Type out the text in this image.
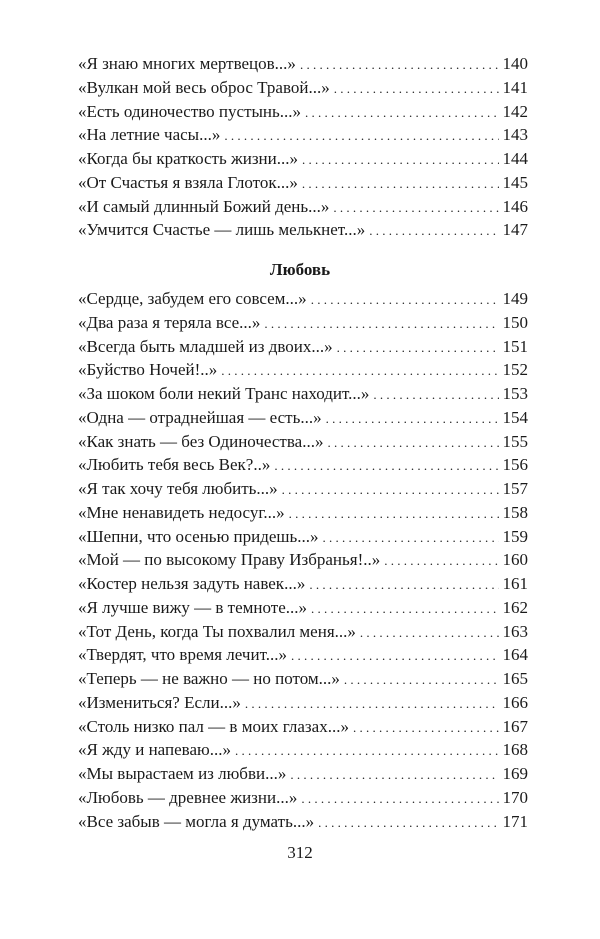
«Я знаю многих мертвецов...» . . .	140
«Вулкан мой весь оброс Травой...» . . .	141
«Есть одиночество пустынь...» . . .	142
«На летние часы...» . . .	143
«Когда бы краткость жизни...» . . .	144
«От Счастья я взяла Глоток...» . . .	145
«И самый длинный Божий день...» . . .	146
«Умчится Счастье — лишь мелькнет...» . . .	147
Любовь
«Сердце, забудем его совсем...» . . .	149
«Два раза я теряла все...» . . .	150
«Всегда быть младшей из двоих...» . . .	151
«Буйство Ночей!..» . . .	152
«За шоком боли некий Транс находит...» . . .	153
«Одна — отраднейшая — есть...» . . .	154
«Как знать — без Одиночества...» . . .	155
«Любить тебя весь Век?..» . . .	156
«Я так хочу тебя любить...» . . .	157
«Мне ненавидеть недосуг...» . . .	158
«Шепни, что осенью придешь...» . . .	159
«Мой — по высокому Праву Избранья!..» . . .	160
«Костер нельзя задуть навек...» . . .	161
«Я лучше вижу — в темноте...» . . .	162
«Тот День, когда Ты похвалил меня...» . . .	163
«Твердят, что время лечит...» . . .	164
«Теперь — не важно — но потом...» . . .	165
«Измениться? Если...» . . .	166
«Столь низко пал — в моих глазах...» . . .	167
«Я жду и напеваю...» . . .	168
«Мы вырастаем из любви...» . . .	169
«Любовь — древнее жизни...» . . .	170
«Все забыв — могла я думать...» . . .	171
312
